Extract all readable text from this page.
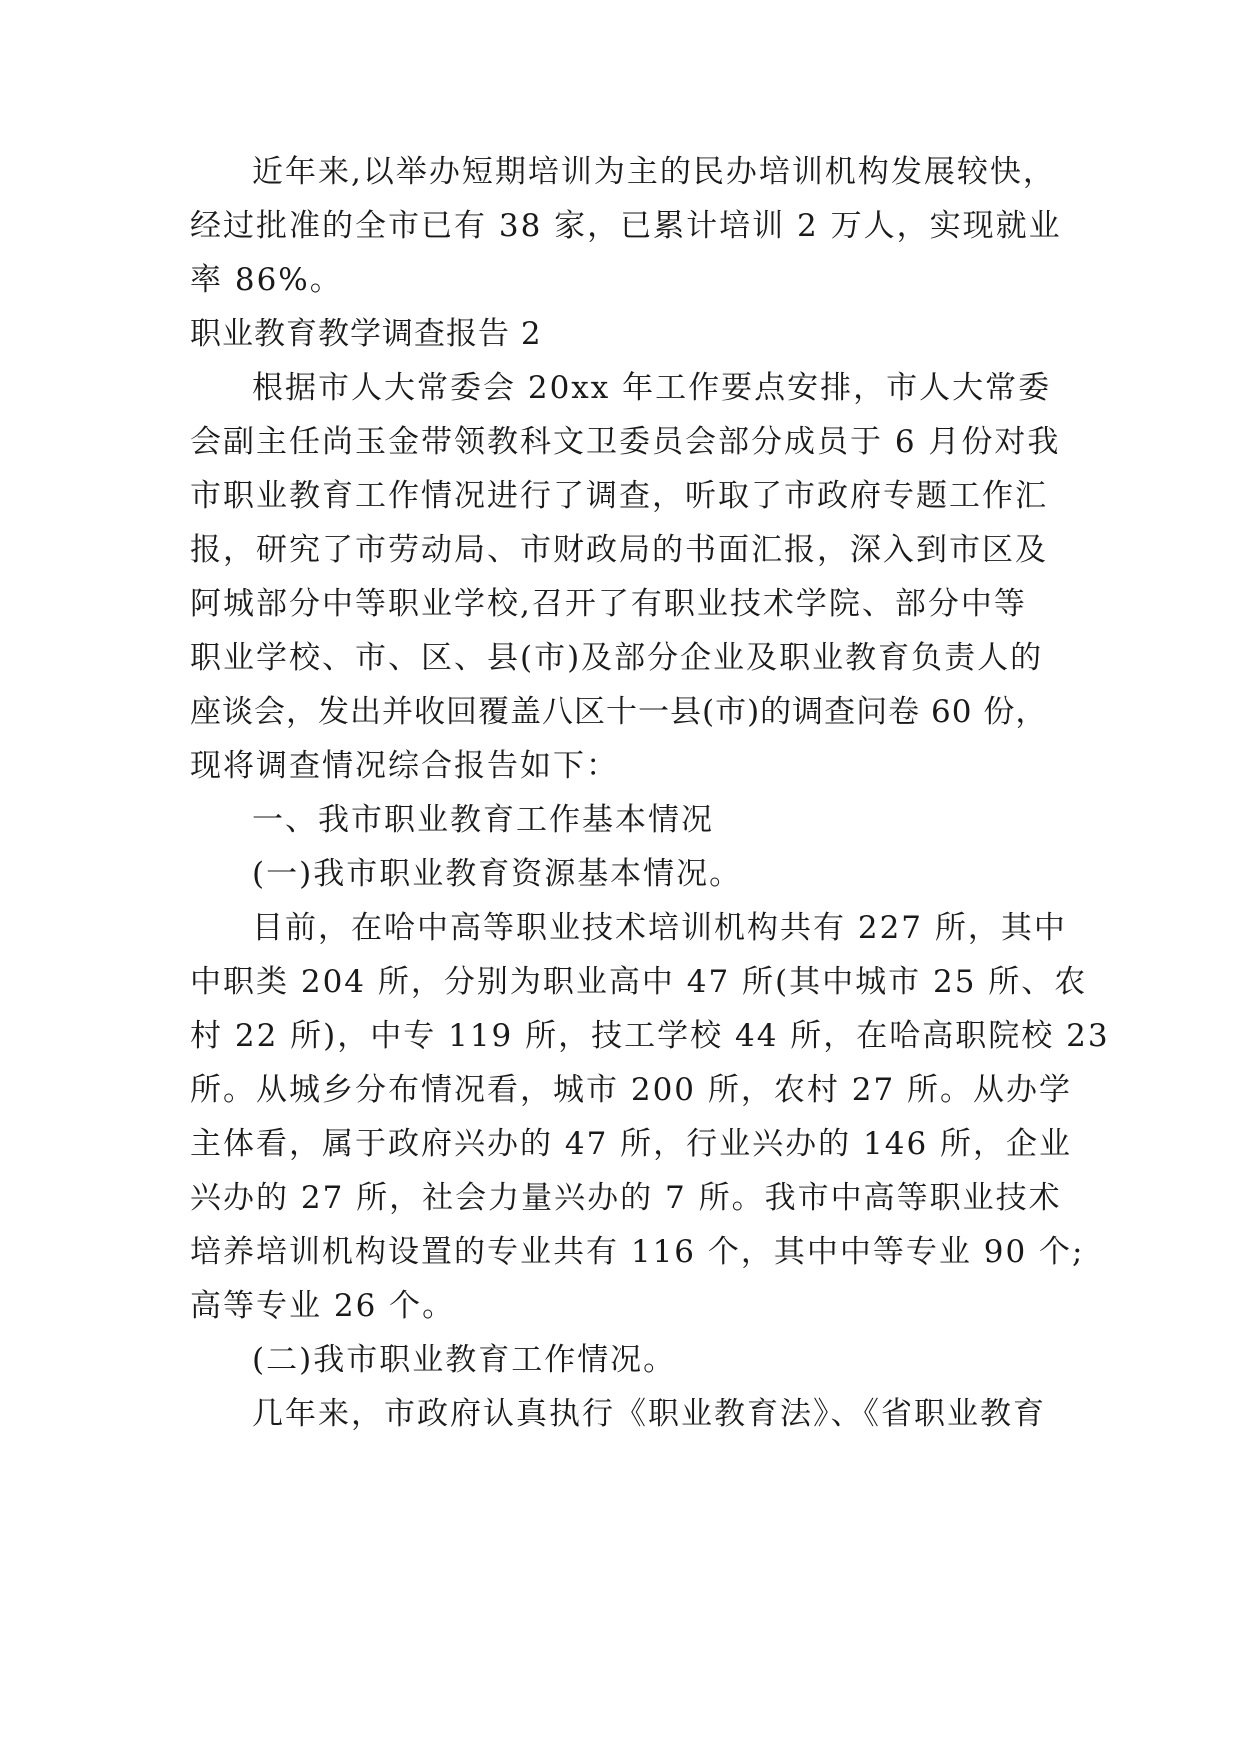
近年来,以举办短期培训为主的民办培训机构发展较快，

经过批准的全市已有 38 家，已累计培训 2 万人，实现就业

率 86%。

职业教育教学调查报告 2

根据市人大常委会 20xx 年工作要点安排，市人大常委

会副主任尚玉金带领教科文卫委员会部分成员于 6 月份对我

市职业教育工作情况进行了调查，听取了市政府专题工作汇

报，研究了市劳动局、市财政局的书面汇报，深入到市区及

阿城部分中等职业学校,召开了有职业技术学院、部分中等

职业学校、市、区、县(市)及部分企业及职业教育负责人的

座谈会，发出并收回覆盖八区十一县(市)的调查问卷 60 份，

现将调查情况综合报告如下：

一、我市职业教育工作基本情况

(一)我市职业教育资源基本情况。

目前，在哈中高等职业技术培训机构共有 227 所，其中

中职类 204 所，分别为职业高中 47 所(其中城市 25 所、农

村 22 所)，中专 119 所，技工学校 44 所，在哈高职院校 23

所。从城乡分布情况看，城市 200 所，农村 27 所。从办学

主体看，属于政府兴办的 47 所，行业兴办的 146 所，企业

兴办的 27 所，社会力量兴办的 7 所。我市中高等职业技术

培养培训机构设置的专业共有 116 个，其中中等专业 90 个;

高等专业 26 个。

(二)我市职业教育工作情况。

几年来，市政府认真执行《职业教育法》、《省职业教育
